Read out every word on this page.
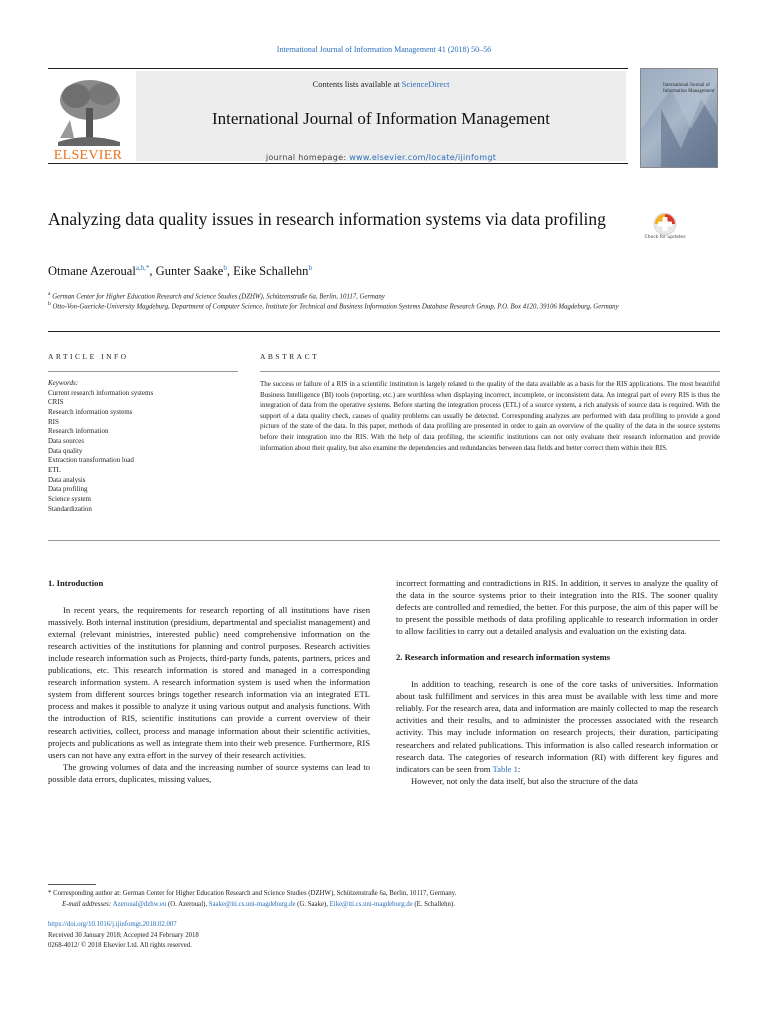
International Journal of Information Management 41 (2018) 50–56
ELSEVIER
Contents lists available at ScienceDirect
International Journal of Information Management
journal homepage: www.elsevier.com/locate/ijinfomgt
International Journal of Information Management
Analyzing data quality issues in research information systems via data profiling
Check for updates
Otmane Azeroual$^{a,b,*}$, Gunter Saake$^b$, Eike Schallehn$^b$
$^a$ German Center for Higher Education Research and Science Studies (DZHW), Schützenstraße 6a, Berlin, 10117, Germany
$^b$ Otto-Von-Guericke-University Magdeburg, Department of Computer Science, Institute for Technical and Business Information Systems Database Research Group, P.O. Box 4120, 39106 Magdeburg, Germany
ARTICLE INFO	ABSTRACT
Keywords:
Current research information systems
CRIS
Research information systems
RIS
Research information
Data sources
Data quality
Extraction transformation load
ETL
Data analysis
Data profiling
Science system
Standardization
The success or failure of a RIS in a scientific institution is largely related to the quality of the data available as a basis for the RIS applications. The most beautiful Business Intelligence (BI) tools (reporting, etc.) are worthless when displaying incorrect, incomplete, or inconsistent data. An integral part of every RIS is thus the integration of data from the operative systems. Before starting the integration process (ETL) of a source system, a rich analysis of source data is required. With the support of a data quality check, causes of quality problems can usually be detected. Corresponding analyzes are performed with data profiling to provide a good picture of the state of the data. In this paper, methods of data profiling are presented in order to gain an overview of the quality of the data in the source systems before their integration into the RIS. With the help of data profiling, the scientific institutions can not only evaluate their research information and provide information about their quality, but also examine the dependencies and redundancies between data fields and better correct them within their RIS.
1. Introduction

In recent years, the requirements for research reporting of all institutions have risen massively. Both internal institution (presidium, departmental and specialist management) and external (relevant ministries, interested public) need comprehensive information on the research activities of the institutions for planning and control purposes. Research activities include research information such as Projects, third-party funds, patents, partners, prices and publications, etc. This research information is stored and managed in a corresponding research information system. A research information system is used when the information system from different sources brings together research information via an integrated ETL process and makes it possible to analyze it using various output and analysis functions. With the introduction of RIS, scientific institutions can provide a current overview of their research activities, collect, process and manage information about their scientific activities, projects and publications as well as integrate them into their web presence. Furthermore, RIS users can not have any extra effort in the survey of their research activities.

The growing volumes of data and the increasing number of source systems can lead to possible data errors, duplicates, missing values,

incorrect formatting and contradictions in RIS. In addition, it serves to analyze the quality of the data in the source systems prior to their integration into the RIS. The sooner quality defects are controlled and remedied, the better. For this purpose, the aim of this paper will be to present the possible methods of data profiling applicable to research information in order to allow facilities to carry out a detailed analysis and evaluation on the existing data.

2. Research information and research information systems

In addition to teaching, research is one of the core tasks of universities. Information about task fulfillment and services in this area must be available with less time and more reliably. For the research area, data and information are mainly collected to map the research activities and their results, and to administer the processes associated with the research activity. This may include information on research projects, their duration, participating researchers and related publications. This information is also called research information or research data. The categories of research information (RI) with different key figures and indicators can be seen from Table 1:

However, not only the data itself, but also the structure of the data

* Corresponding author at: German Center for Higher Education Research and Science Studies (DZHW), Schützenstraße 6a, Berlin, 10117, Germany.
E-mail addresses: Azeroual@dzhw.eu (O. Azeroual), Saake@iti.cs.uni-magdeburg.de (G. Saake), Eike@iti.cs.uni-magdeburg.de (E. Schallehn).
https://doi.org/10.1016/j.ijinfomgt.2018.02.007
Received 30 January 2018; Accepted 24 February 2018
0268-4012/ © 2018 Elsevier Ltd. All rights reserved.
